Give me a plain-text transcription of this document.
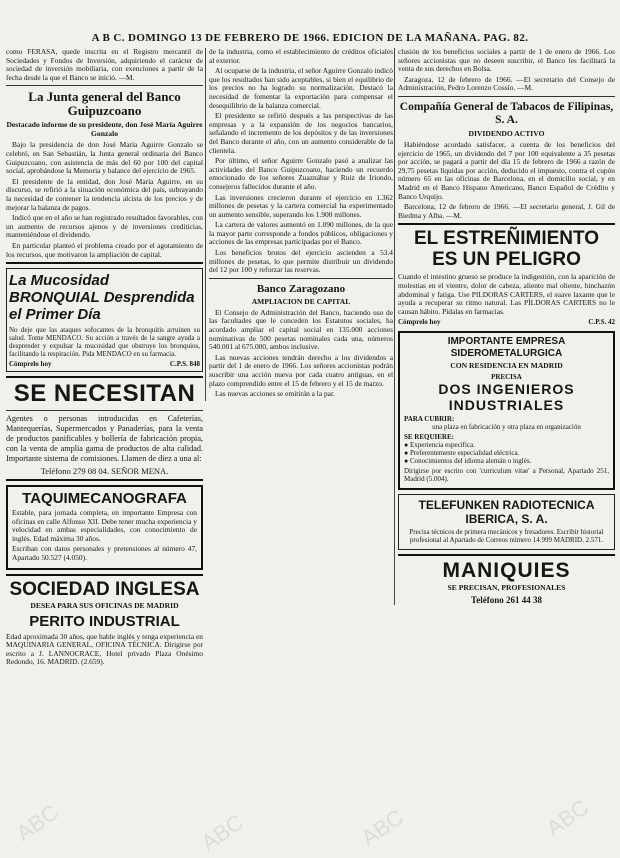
A B C. DOMINGO 13 DE FEBRERO DE 1966. EDICION DE LA MAÑANA. PAG. 82.

como FERASA, quede inscrita en el Registro mercantil de Sociedades y Fondos de Inversión, adquiriendo el carácter de sociedad de inversión mobiliaria, con exenciones a partir de la fecha desde la que el Banco se inició. —M.

La Junta general del Banco Guipuzcoano
Destacado informe de su presidente, don José María Aguirre Gonzalo

Bajo la presidencia de don José María Aguirre Gonzalo se celebró, en San Sebastián, la Junta general ordinaria del Banco Guipuzcoano, con asistencia de más del 60 por 100 del capital social, aprobándose la Memoria y balance del ejercicio de 1965.

El presidente de la entidad, don José María Aguirre, en su discurso, se refirió a la situación económica del país, subrayando la necesidad de contener la tendencia alcista de los precios y de mejorar la balanza de pagos.

Indicó que en el año se han registrado resultados favorables, con un aumento de recursos ajenos y de inversiones crediticias, manteniéndose el dividendo.

En particular planteó el problema creado por el agotamiento de los recursos, que motivaron la ampliación de capital.

La Mucosidad BRONQUIAL Desprendida el Primer Día

No deje que las ataques sofocantes de la bronquitis arruinen su salud. Tome MENDACO. Su acción a través de la sangre ayuda a desprender y expulsar la mucosidad que obstruye los bronquios, facilitando la respiración. Pida MENDACO en su farmacia.

Cómprelo hoy	C.P.S. 848
SE NECESITAN

Agentes o personas introducidas en Cafeterías, Mantequerías, Supermercados y Panaderías, para la venta de productos panificables y bollería de fabricación propia, con la venta de amplia gama de productos de alta calidad. Importante sistema de comisiones. Llamen de diez a una al:

Teléfono 279 08 04. SEÑOR MENA.
TAQUIMECANOGRAFA

Estable, para jornada completa, en importante Empresa con oficinas en calle Alfonso XII. Debe tener mucha experiencia y velocidad en ambas especialidades, con conocimiento de inglés. Edad máxima 30 años.

Escriban con datos personales y pretensiones al número 47, Apartado 50.527 (4.050).

SOCIEDAD INGLESA
DESEA PARA SUS OFICINAS DE MADRID
PERITO INDUSTRIAL

Edad aproximada 30 años, que hable inglés y tenga experiencia en MAQUINARIA GENERAL, OFICINA TÉCNICA. Dirigirse por escrito a J. LANNOCRACE, Hotel privado Plaza Onésimo Redondo, 16. MADRID. (2.659).

de la industria, como el establecimiento de créditos oficiales al exterior.

Al ocuparse de la industria, el señor Aguirre Gonzalo indicó que los resultados han sido aceptables, si bien el equilibrio de los precios no ha logrado su normalización. Destacó la necesidad de fomentar la exportación para compensar el desequilibrio de la balanza comercial.

El presidente se refirió después a las perspectivas de las empresas y a la expansión de los negocios bancarios, señalando el incremento de los depósitos y de las inversiones del Banco durante el año, con un aumento considerable de la clientela.

Por último, el señor Aguirre Gonzalo pasó a analizar las actividades del Banco Guipuzcoano, haciendo un recuerdo emocionado de los señores Zuaznábar y Ruiz de Iriondo, consejeros fallecidos durante el año.

Las inversiones crecieron durante el ejercicio en 1.362 millones de pesetas y la cartera comercial ha experimentado un aumento sensible, superando los 1.900 millones.

La cartera de valores aumentó en 1.090 millones, de la que la mayor parte corresponde a fondos públicos, obligaciones y acciones de las empresas participadas por el Banco.

Los beneficios brutos del ejercicio ascienden a 53.4 millones de pesetas, lo que permite distribuir un dividendo del 12 por 100 y reforzar las reservas.

Banco Zaragozano
AMPLIACION DE CAPITAL

El Consejo de Administración del Banco, haciendo uso de las facultades que le conceden los Estatutos sociales, ha acordado ampliar el capital social en 135.000 acciones nominativas de 500 pesetas nominales cada una, números 540.001 al 675.000, ambos inclusive.

Las nuevas acciones tendrán derecho a los dividendos a partir del 1 de enero de 1966. Los señores accionistas podrán suscribir una acción nueva por cada cuatro antiguas, en el plazo comprendido entre el 15 de febrero y el 15 de marzo.

Las nuevas acciones se emitirán a la par.

clusión de los beneficios sociales a partir de 1 de enero de 1966. Los señores accionistas que no deseen suscribir, el Banco les facilitará la venta de sus derechos en Bolsa.

Zaragoza, 12 de febrero de 1966. —El secretario del Consejo de Administración, Pedro Lorenzo Cossío. —M.

Compañía General de Tabacos de Filipinas, S. A.
DIVIDENDO ACTIVO

Habiéndose acordado satisfacer, a cuenta de los beneficios del ejercicio de 1965, un dividendo del 7 por 100 equivalente a 35 pesetas por acción, se pagará a partir del día 15 de febrero de 1966 a razón de 29,75 pesetas líquidas por acción, deducido el impuesto, contra el cupón número 65 en las oficinas de Barcelona, en el domicilio social, y en Madrid en el Banco Hispano Americano, Banco Español de Crédito y Banco Urquijo.

Barcelona, 12 de febrero de 1966. —El secretario general, J. Gil de Biedma y Alba. —M.

EL ESTREÑIMIENTO ES UN PELIGRO

Cuando el intestino grueso se produce la indigestión, con la aparición de molestias en el vientre, dolor de cabeza, aliento mal oliente, hinchazón abdominal y fatiga. Use PILDORAS CARTERS, el suave laxante que le ayuda a recuperar su ritmo natural. Las PÍLDORAS CARTERS no le causan hábito. Pídalas en farmacias.

Cómprelo hoy	C.P.S. 42
IMPORTANTE EMPRESA SIDEROMETALURGICA
CON RESIDENCIA EN MADRID
PRECISA
DOS INGENIEROS INDUSTRIALES
PARA CUBRIR:
una plaza en fabricación y otra plaza en organización
SE REQUIERE:
● Experiencia específica.
● Preferentemente especialidad eléctrica.
● Conocimientos del idioma alemán o inglés.

Dirigirse por escrito con 'curriculum vitae' a Personal, Apartado 251, Madrid (5.004).

TELEFUNKEN RADIOTECNICA IBERICA, S. A.

Precisa técnicos de primera mecánicos y fresadores. Escribir historial profesional al Apartado de Correos número 14.999 MADRID. 2.571.

MANIQUIES
SE PRECISAN, PROFESIONALES
Teléfono 261 44 38
ABC	ABC	ABC	ABC
